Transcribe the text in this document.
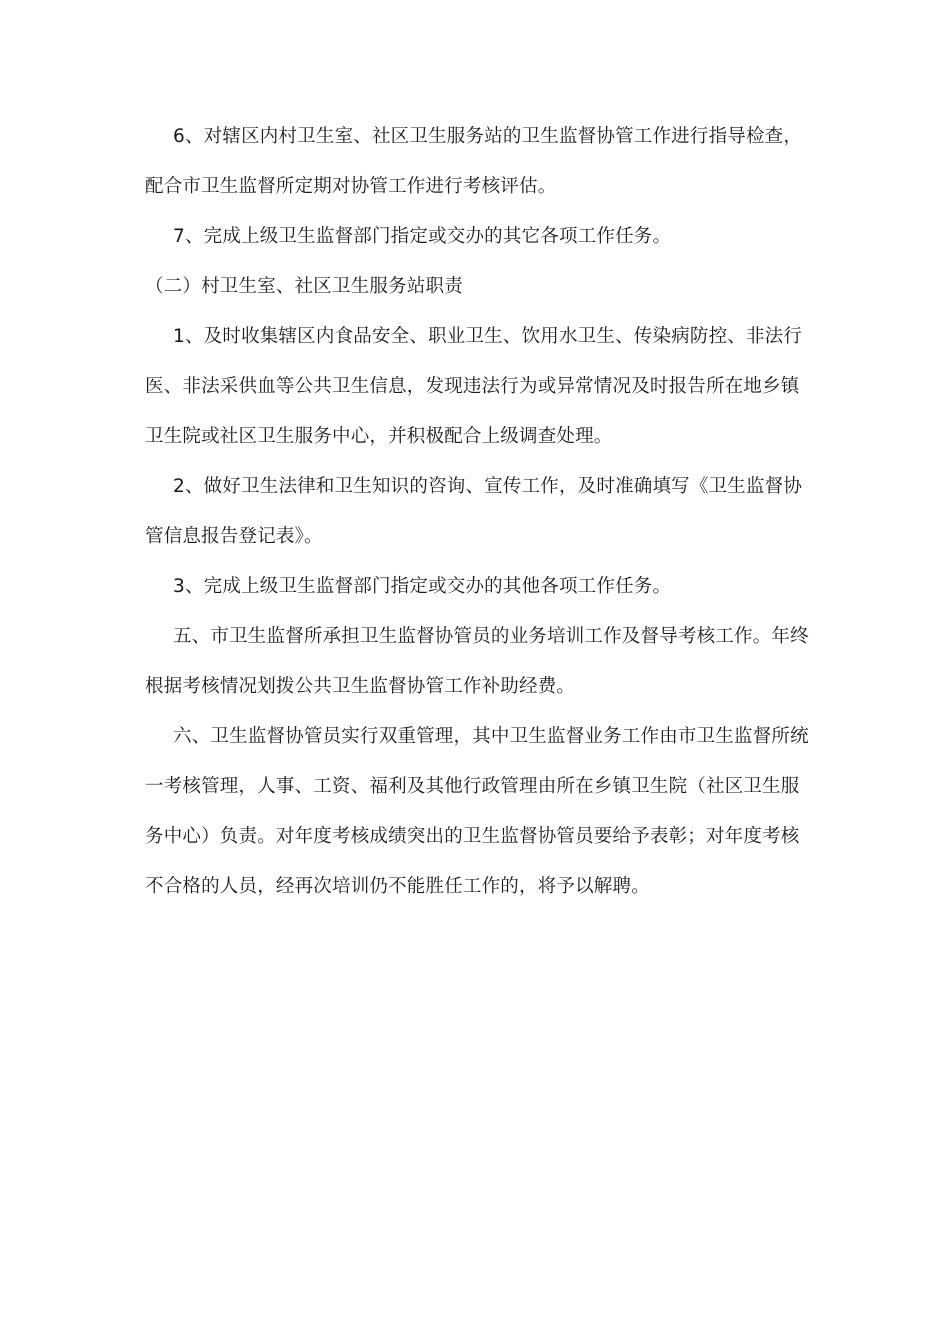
6、对辖区内村卫生室、社区卫生服务站的卫生监督协管工作进行指导检查，配合市卫生监督所定期对协管工作进行考核评估。

7、完成上级卫生监督部门指定或交办的其它各项工作任务。

（二）村卫生室、社区卫生服务站职责

1、及时收集辖区内食品安全、职业卫生、饮用水卫生、传染病防控、非法行医、非法采供血等公共卫生信息，发现违法行为或异常情况及时报告所在地乡镇卫生院或社区卫生服务中心，并积极配合上级调查处理。

2、做好卫生法律和卫生知识的咨询、宣传工作，及时准确填写《卫生监督协管信息报告登记表》。

3、完成上级卫生监督部门指定或交办的其他各项工作任务。

五、市卫生监督所承担卫生监督协管员的业务培训工作及督导考核工作。年终根据考核情况划拨公共卫生监督协管工作补助经费。

六、卫生监督协管员实行双重管理，其中卫生监督业务工作由市卫生监督所统一考核管理，人事、工资、福利及其他行政管理由所在乡镇卫生院（社区卫生服务中心）负责。对年度考核成绩突出的卫生监督协管员要给予表彰；对年度考核不合格的人员，经再次培训仍不能胜任工作的，将予以解聘。
